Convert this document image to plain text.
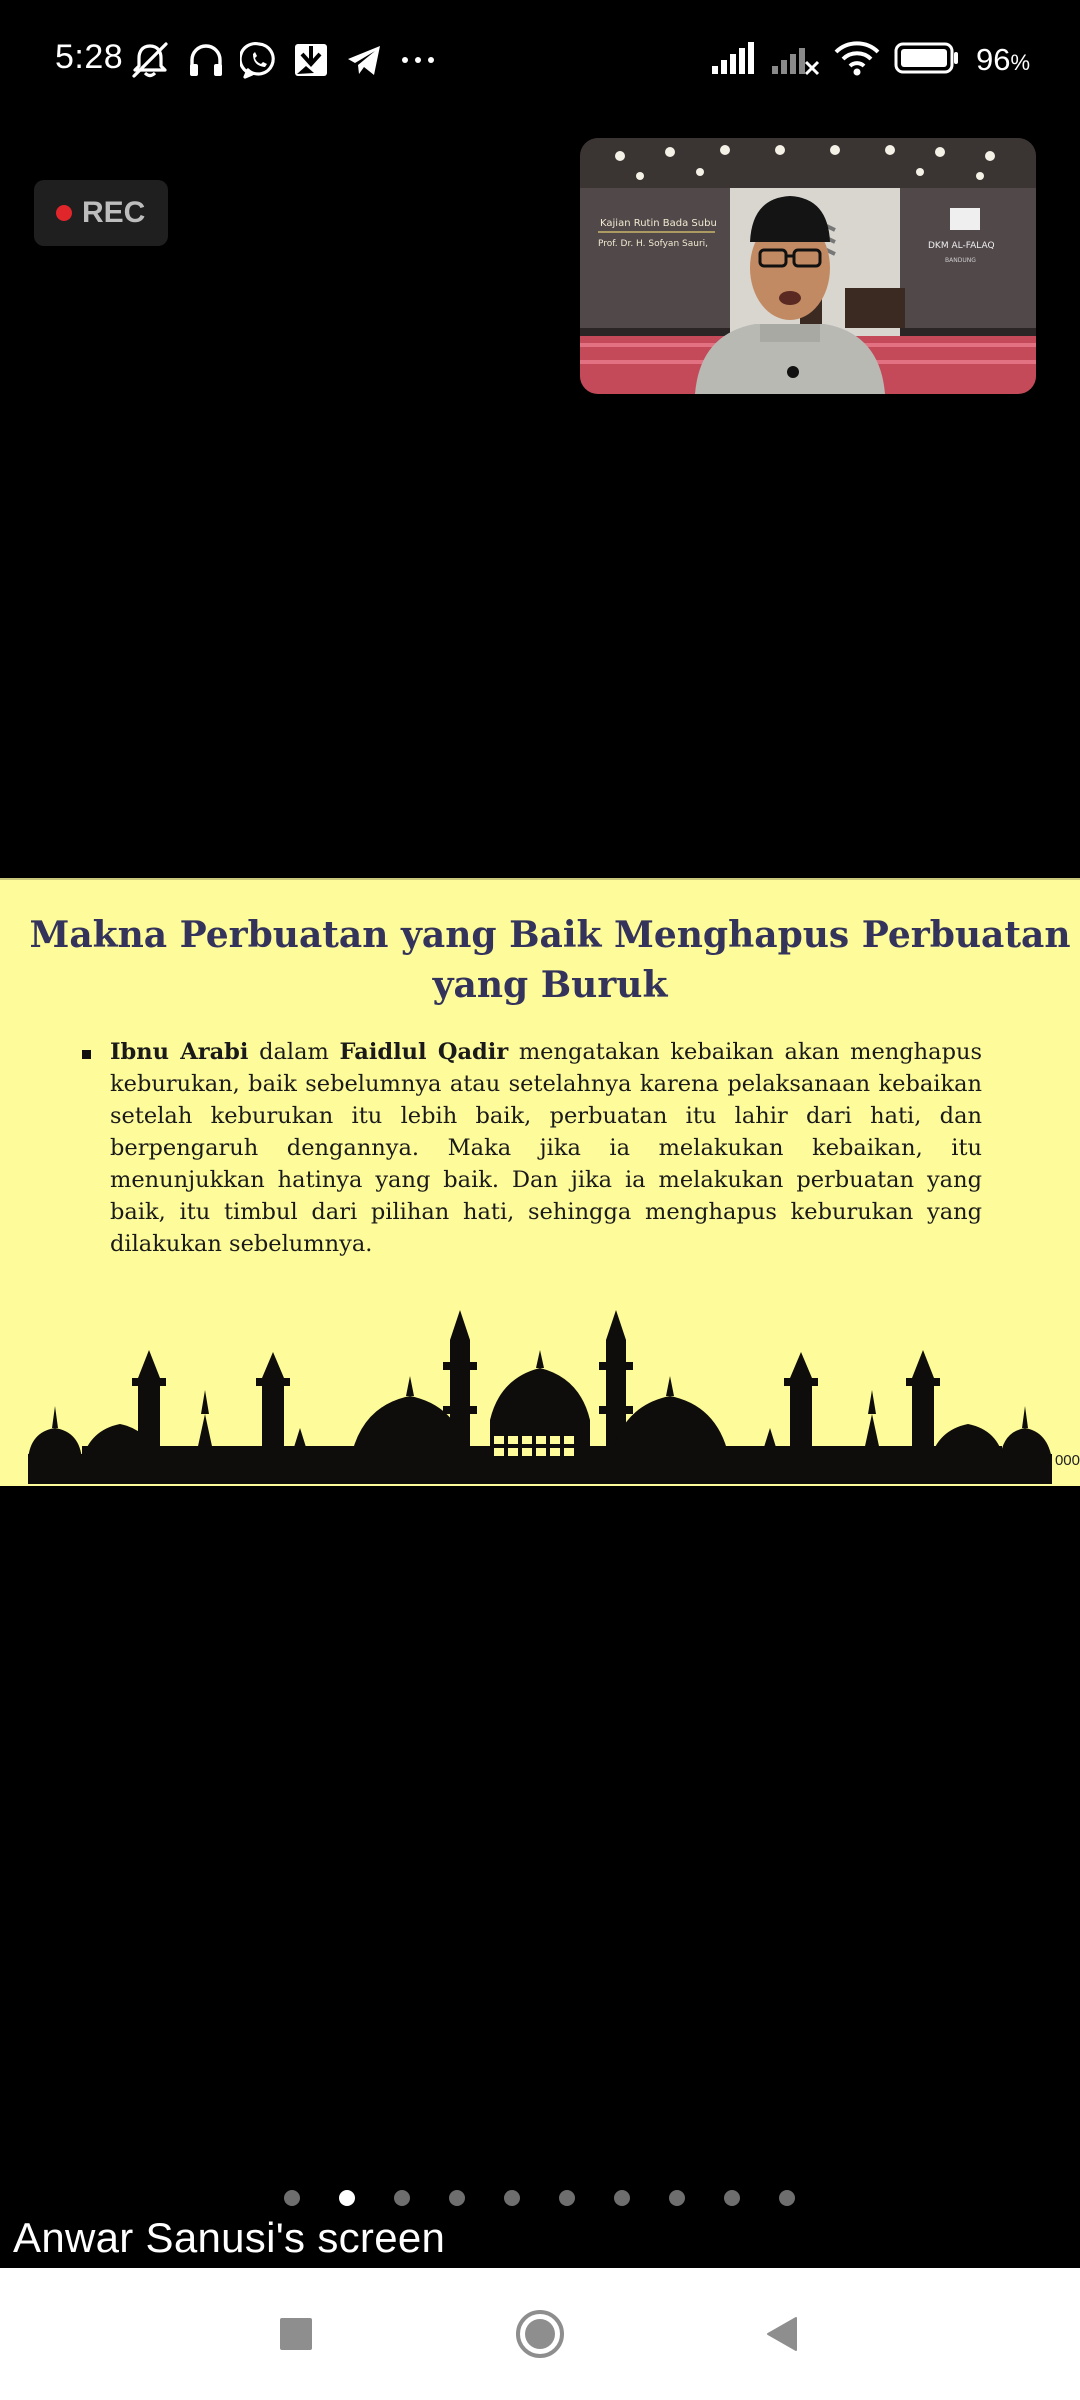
5:28	96%
REC
DKM AL-FALAQ
BANDUNG
Kajian Rutin Bada Subu
Prof. Dr. H. Sofyan Sauri,
Makna Perbuatan yang Baik Menghapus Perbuatan yang Buruk

Ibnu Arabi dalam Faidlul Qadir mengatakan kebaikan akan menghapus keburukan, baik sebelumnya atau setelahnya karena pelaksanaan kebaikan setelah keburukan itu lebih baik, perbuatan itu lahir dari hati, dan berpengaruh dengannya. Maka jika ia melakukan kebaikan, itu menunjukkan hatinya yang baik. Dan jika ia melakukan perbuatan yang baik, itu timbul dari pilihan hati, sehingga menghapus keburukan yang dilakukan sebelumnya.

000
Anwar Sanusi's screen
